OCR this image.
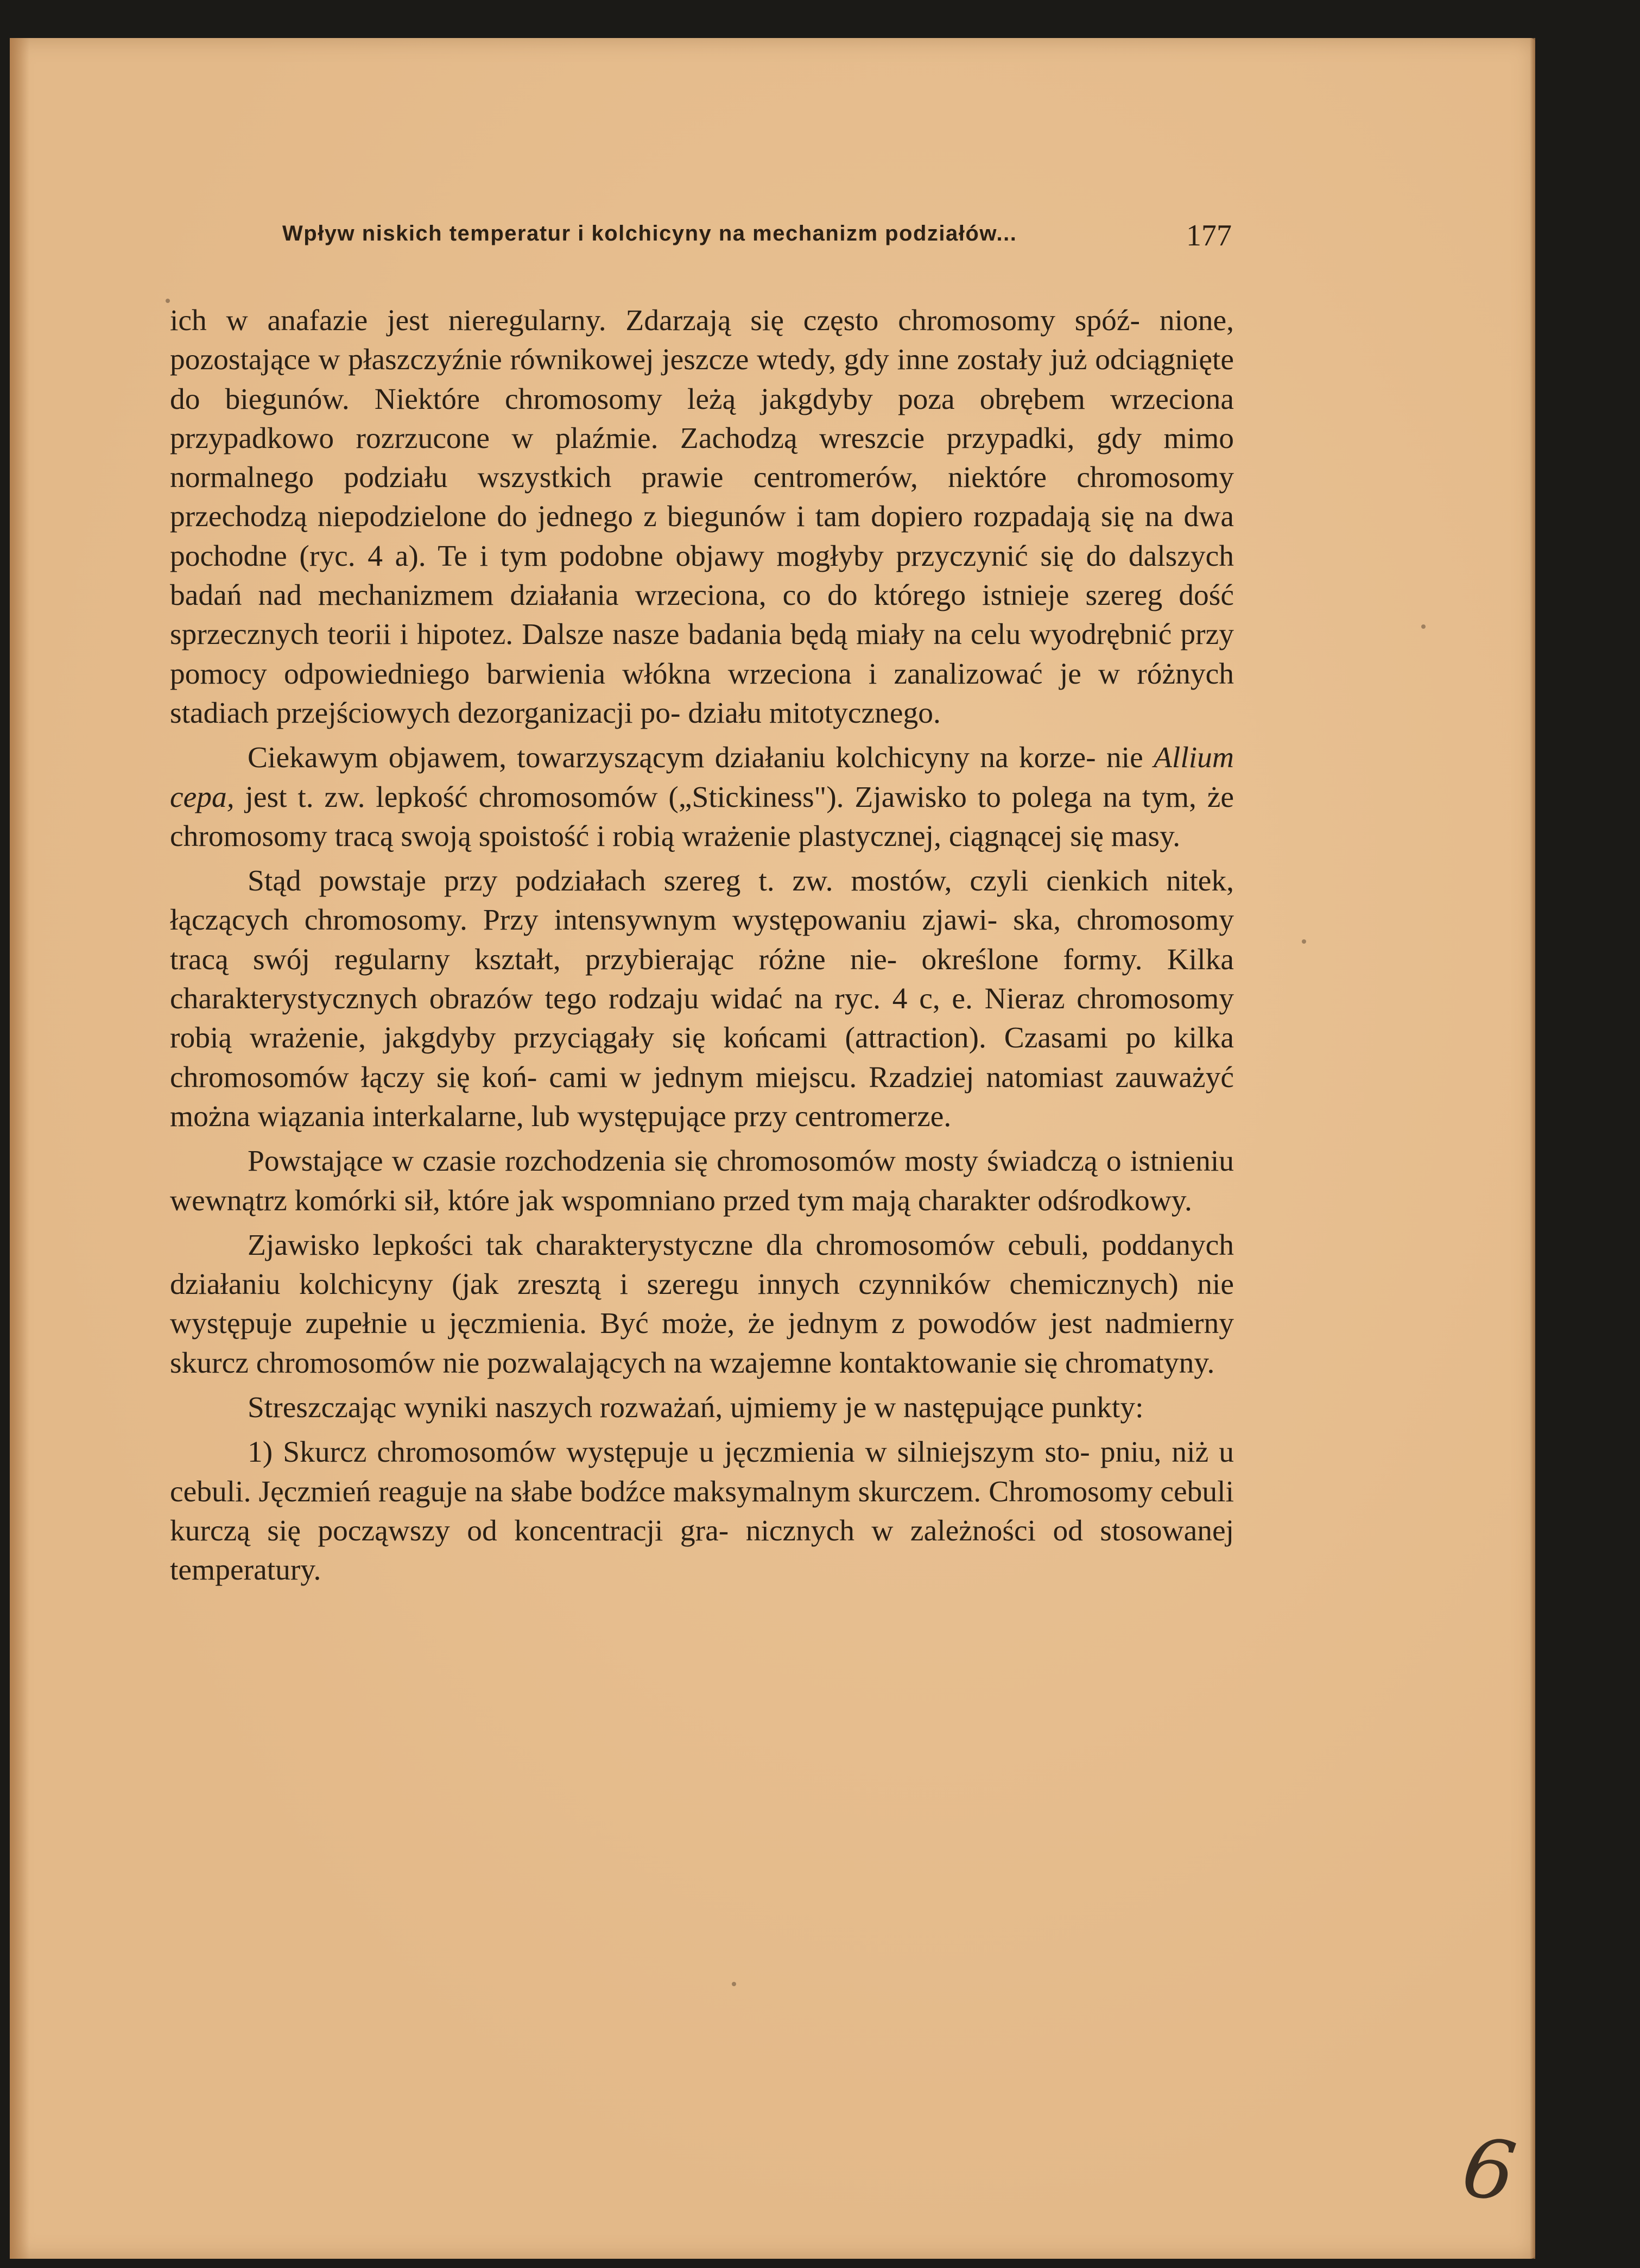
Wpływ niskich temperatur i kolchicyny na mechanizm podziałów...	177

ich w anafazie jest nieregularny. Zdarzają się często chromosomy spóź- nione, pozostające w płaszczyźnie równikowej jeszcze wtedy, gdy inne zostały już odciągnięte do biegunów. Niektóre chromosomy leżą jakgdyby poza obrębem wrzeciona przypadkowo rozrzucone w plaźmie. Zachodzą wreszcie przypadki, gdy mimo normalnego podziału wszystkich prawie centromerów, niektóre chromosomy przechodzą niepodzielone do jednego z biegunów i tam dopiero rozpadają się na dwa pochodne (ryc. 4 a). Te i tym podobne objawy mogłyby przyczynić się do dalszych badań nad mechanizmem działania wrzeciona, co do którego istnieje szereg dość sprzecznych teorii i hipotez. Dalsze nasze badania będą miały na celu wyodrębnić przy pomocy odpowiedniego barwienia włókna wrzeciona i zanalizować je w różnych stadiach przejściowych dezorganizacji po- działu mitotycznego.

Ciekawym objawem, towarzyszącym działaniu kolchicyny na korze- nie Allium cepa, jest t. zw. lepkość chromosomów („Stickiness"). Zjawisko to polega na tym, że chromosomy tracą swoją spoistość i robią wrażenie plastycznej, ciągnącej się masy.

Stąd powstaje przy podziałach szereg t. zw. mostów, czyli cienkich nitek, łączących chromosomy. Przy intensywnym występowaniu zjawi- ska, chromosomy tracą swój regularny kształt, przybierając różne nie- określone formy. Kilka charakterystycznych obrazów tego rodzaju widać na ryc. 4 c, e. Nieraz chromosomy robią wrażenie, jakgdyby przyciągały się końcami (attraction). Czasami po kilka chromosomów łączy się koń- cami w jednym miejscu. Rzadziej natomiast zauważyć można wiązania interkalarne, lub występujące przy centromerze.

Powstające w czasie rozchodzenia się chromosomów mosty świadczą o istnieniu wewnątrz komórki sił, które jak wspomniano przed tym mają charakter odśrodkowy.

Zjawisko lepkości tak charakterystyczne dla chromosomów cebuli, poddanych działaniu kolchicyny (jak zresztą i szeregu innych czynników chemicznych) nie występuje zupełnie u jęczmienia. Być może, że jednym z powodów jest nadmierny skurcz chromosomów nie pozwalających na wzajemne kontaktowanie się chromatyny.

Streszczając wyniki naszych rozważań, ujmiemy je w następujące punkty:

1) Skurcz chromosomów występuje u jęczmienia w silniejszym sto- pniu, niż u cebuli. Jęczmień reaguje na słabe bodźce maksymalnym skurczem. Chromosomy cebuli kurczą się począwszy od koncentracji gra- nicznych w zależności od stosowanej temperatury.

6
